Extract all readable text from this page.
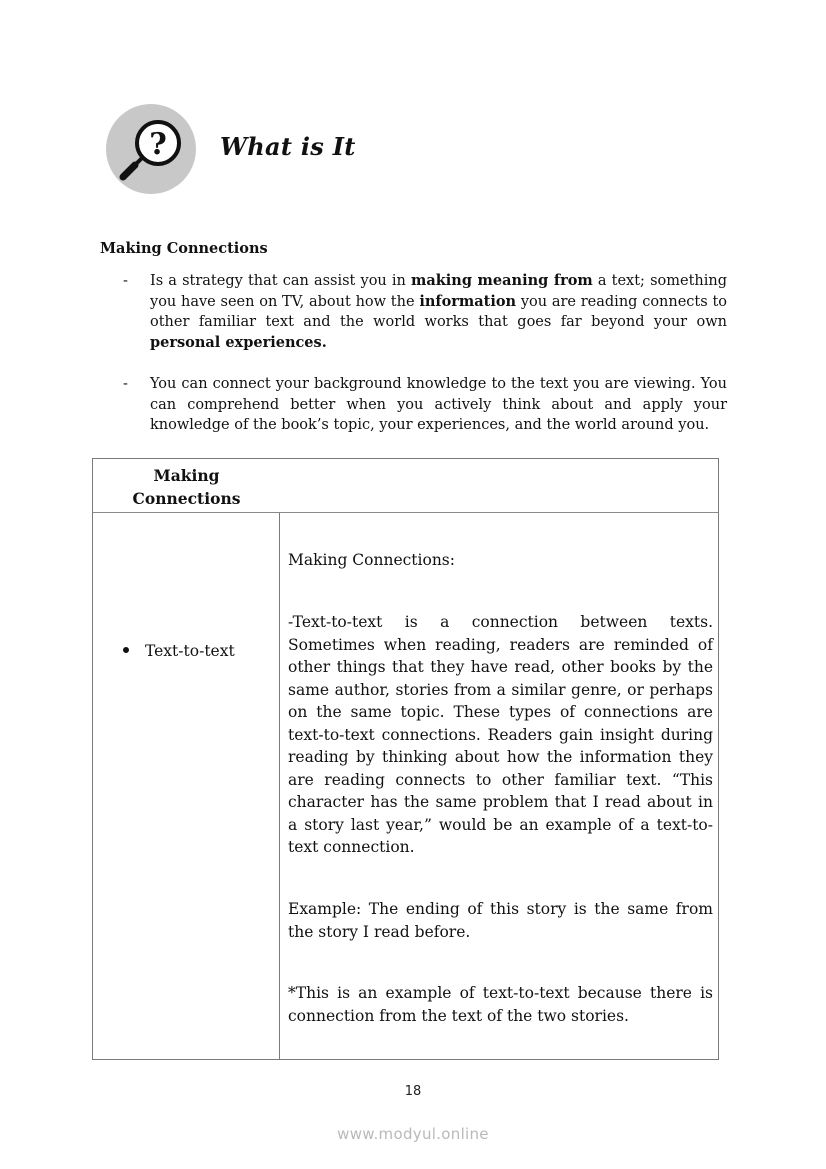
? What is It
Making Connections
- Is a strategy that can assist you in making meaning from a text; something you have seen on TV, about how the information you are reading connects to other familiar text and the world works that goes far beyond your own personal experiences.
- You can connect your background knowledge to the text you are viewing. You can comprehend better when you actively think about and apply your knowledge of the book’s topic, your experiences, and the world around you.
Making
Connections
Text-to-text

Making Connections:

-Text-to-text is a connection between texts. Sometimes when reading, readers are reminded of other things that they have read, other books by the same author, stories from a similar genre, or perhaps on the same topic. These types of connections are text-to-text connections. Readers gain insight during reading by thinking about how the information they are reading connects to other familiar text. “This character has the same problem that I read about in a story last year,” would be an example of a text-to-text connection.

Example: The ending of this story is the same from the story I read before.

*This is an example of text-to-text because there is connection from the text of the two stories.

18
www.modyul.online
